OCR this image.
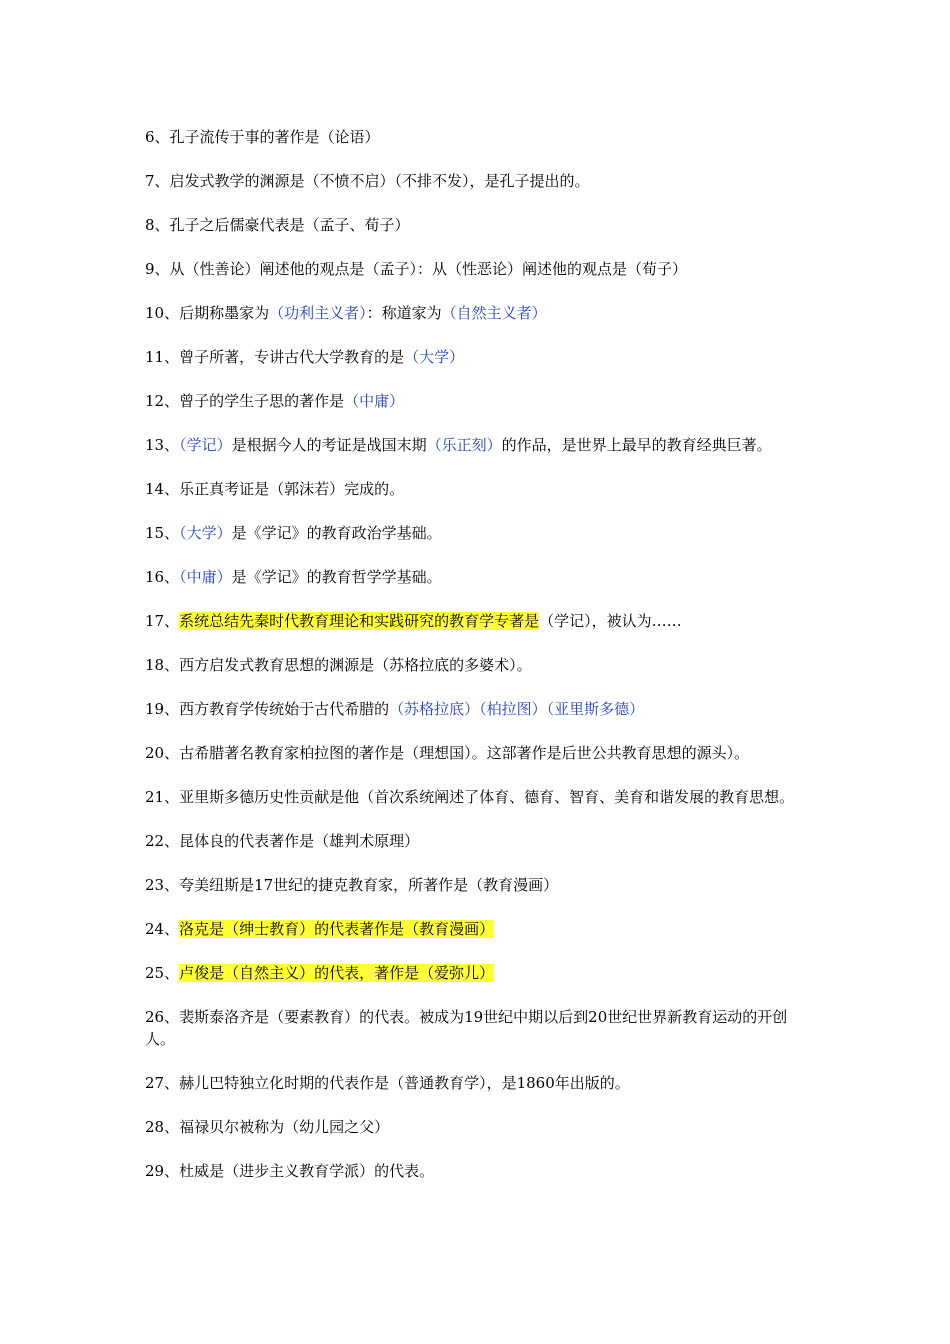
6、孔子流传于事的著作是（论语）

7、启发式教学的渊源是（不愤不启）（不排不发），是孔子提出的。

8、孔子之后儒豪代表是（孟子、荀子）

9、从（性善论）阐述他的观点是（孟子）：从（性恶论）阐述他的观点是（荀子）

10、后期称墨家为（功利主义者）：称道家为（自然主义者）

11、曾子所著，专讲古代大学教育的是（大学）

12、曾子的学生子思的著作是（中庸）

13、（学记）是根据今人的考证是战国末期（乐正刻）的作品，是世界上最早的教育经典巨著。

14、乐正真考证是（郭沫若）完成的。

15、（大学）是《学记》的教育政治学基础。

16、（中庸）是《学记》的教育哲学学基础。

17、系统总结先秦时代教育理论和实践研究的教育学专著是（学记），被认为……

18、西方启发式教育思想的渊源是（苏格拉底的多婆术）。

19、西方教育学传统始于古代希腊的（苏格拉底）（柏拉图）（亚里斯多德）

20、古希腊著名教育家柏拉图的著作是（理想国）。这部著作是后世公共教育思想的源头）。

21、亚里斯多德历史性贡献是他（首次系统阐述了体育、德育、智育、美育和谐发展的教育思想。

22、昆体良的代表著作是（雄判术原理）

23、夸美纽斯是17世纪的捷克教育家，所著作是（教育漫画）

24、洛克是（绅士教育）的代表著作是（教育漫画）

25、卢俊是（自然主义）的代表，著作是（爱弥儿）

26、裴斯泰洛齐是（要素教育）的代表。被成为19世纪中期以后到20世纪世界新教育运动的开创人。

27、赫儿巴特独立化时期的代表作是（普通教育学），是1860年出版的。

28、福禄贝尔被称为（幼儿园之父）

29、杜威是（进步主义教育学派）的代表。
